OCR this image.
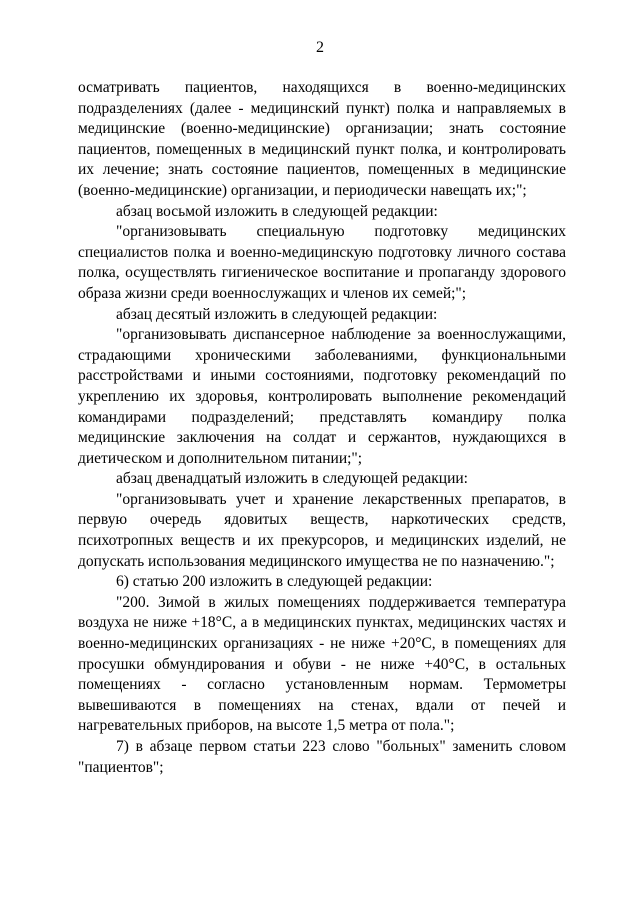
2

осматривать пациентов, находящихся в военно-медицинских подразделениях (далее - медицинский пункт) полка и направляемых в медицинские (военно-медицинские) организации; знать состояние пациентов, помещенных в медицинский пункт полка, и контролировать их лечение; знать состояние пациентов, помещенных в медицинские (военно-медицинские) организации, и периодически навещать их;";

абзац восьмой изложить в следующей редакции:

"организовывать специальную подготовку медицинских специалистов полка и военно-медицинскую подготовку личного состава полка, осуществлять гигиеническое воспитание и пропаганду здорового образа жизни среди военнослужащих и членов их семей;";

абзац десятый изложить в следующей редакции:

"организовывать диспансерное наблюдение за военнослужащими, страдающими хроническими заболеваниями, функциональными расстройствами и иными состояниями, подготовку рекомендаций по укреплению их здоровья, контролировать выполнение рекомендаций командирами подразделений; представлять командиру полка медицинские заключения на солдат и сержантов, нуждающихся в диетическом и дополнительном питании;";

абзац двенадцатый изложить в следующей редакции:

"организовывать учет и хранение лекарственных препаратов, в первую очередь ядовитых веществ, наркотических средств, психотропных веществ и их прекурсоров, и медицинских изделий, не допускать использования медицинского имущества не по назначению.";

6) статью 200 изложить в следующей редакции:

"200. Зимой в жилых помещениях поддерживается температура воздуха не ниже +18°С, а в медицинских пунктах, медицинских частях и военно-медицинских организациях - не ниже +20°С, в помещениях для просушки обмундирования и обуви - не ниже +40°С, в остальных помещениях - согласно установленным нормам. Термометры вывешиваются в помещениях на стенах, вдали от печей и нагревательных приборов, на высоте 1,5 метра от пола.";

7) в абзаце первом статьи 223 слово "больных" заменить словом "пациентов";
